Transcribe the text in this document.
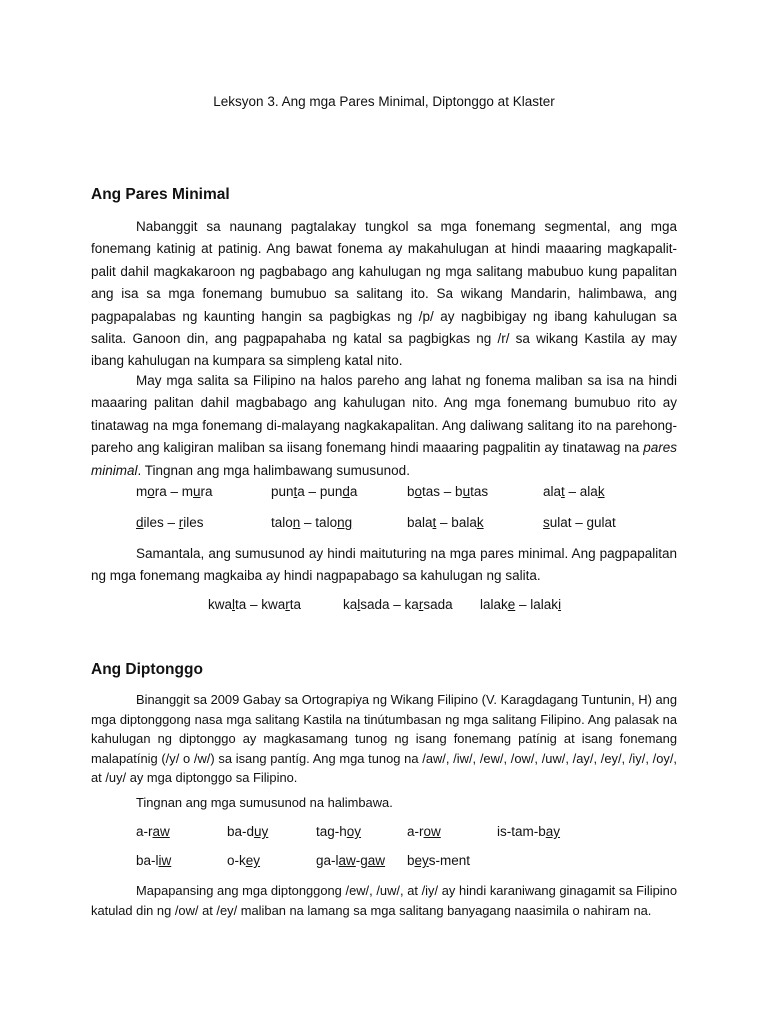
Leksyon 3. Ang mga Pares Minimal, Diptonggo at Klaster
Ang Pares Minimal

Nabanggit sa naunang pagtalakay tungkol sa mga fonemang segmental, ang mga fonemang katinig at patinig. Ang bawat fonema ay makahulugan at hindi maaaring magkapalit-palit dahil magkakaroon ng pagbabago ang kahulugan ng mga salitang mabubuo kung papalitan ang isa sa mga fonemang bumubuo sa salitang ito. Sa wikang Mandarin, halimbawa, ang pagpapalabas ng kaunting hangin sa pagbigkas ng /p/ ay nagbibigay ng ibang kahulugan sa salita. Ganoon din, ang pagpapahaba ng katal sa pagbigkas ng /r/ sa wikang Kastila ay may ibang kahulugan na kumpara sa simpleng katal nito.

May mga salita sa Filipino na halos pareho ang lahat ng fonema maliban sa isa na hindi maaaring palitan dahil magbabago ang kahulugan nito. Ang mga fonemang bumubuo rito ay tinatawag na mga fonemang di-malayang nagkakapalitan. Ang daliwang salitang ito na parehong-pareho ang kaligiran maliban sa iisang fonemang hindi maaaring pagpalitin ay tinatawag na pares minimal. Tingnan ang mga halimbawang sumusunod.

mora – mura	punta – punda	botas – butas	alat – alak
diles – riles	talon – talong	balat – balak	sulat – gulat

Samantala, ang sumusunod ay hindi maituturing na mga pares minimal. Ang pagpapalitan ng mga fonemang magkaiba ay hindi nagpapabago sa kahulugan ng salita.

kwalta – kwarta	kalsada – karsada lalake – lalaki
Ang Diptonggo

Binanggit sa 2009 Gabay sa Ortograpiya ng Wikang Filipino (V. Karagdagang Tuntunin, H) ang mga diptonggong nasa mga salitang Kastila na tinútumbasan ng mga salitang Filipino. Ang palasak na kahulugan ng diptonggo ay magkasamang tunog ng isang fonemang patínig at isang fonemang malapatínig (/y/ o /w/) sa isang pantíg. Ang mga tunog na /aw/, /iw/, /ew/, /ow/, /uw/, /ay/, /ey/, /iy/, /oy/, at /uy/ ay mga diptonggo sa Filipino.

Tingnan ang mga sumusunod na halimbawa.

a-raw	ba-duy	tag-hoy	a-row	is-tam-bay
ba-liw	o-key	ga-law-gaw beys-ment

Mapapansing ang mga diptonggong /ew/, /uw/, at /iy/ ay hindi karaniwang ginagamit sa Filipino katulad din ng /ow/ at /ey/ maliban na lamang sa mga salitang banyagang naasimila o nahiram na.
